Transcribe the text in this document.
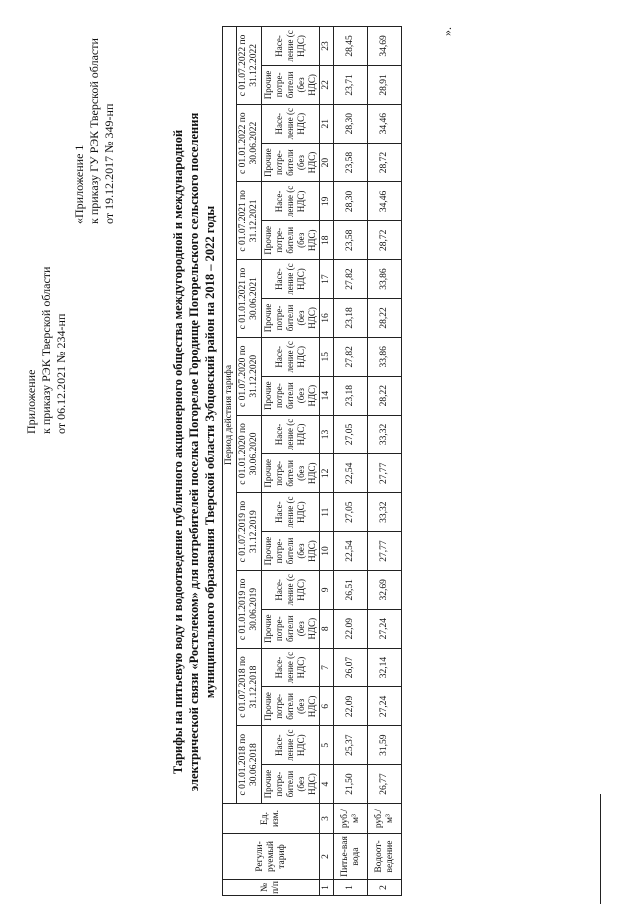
Приложение к приказу РЭК Тверской области от 06.12.2021 № 234-нп
«Приложение 1 к приказу ГУ РЭК Тверской области от 19.12.2017 № 349-нп	Тарифы на питьевую воду и водоотведение публичного акционерного общества междугородной и международной электрической связи «Ростелеком» для потребителей поселка Погорелое Городище Погорельского сельского поселения муниципального образования Тверской области Зубцовский район на 2018 – 2022 годы
№ п/п	Регули-руемый тариф	Ед. изм.	Период действия тарифа																			
			с 01.01.2018 по 30.06.2018		с 01.07.2018 по 31.12.2018		с 01.01.2019 по 30.06.2019		с 01.07.2019 по 31.12.2019		с 01.01.2020 по 30.06.2020		с 01.07.2020 по 31.12.2020		с 01.01.2021 по 30.06.2021		с 01.07.2021 по 31.12.2021		с 01.01.2022 по 30.06.2022		с 01.07.2022 по 31.12.2022	
			Прочие потре-бители (без НДС)	Насе-ление (с НДС)	Прочие потре-бители (без НДС)	Насе-ление (с НДС)	Прочие потре-бители (без НДС)	Насе-ление (с НДС)	Прочие потре-бители (без НДС)	Насе-ление (с НДС)	Прочие потре-бители (без НДС)	Насе-ление (с НДС)	Прочие потре-бители (без НДС)	Насе-ление (с НДС)	Прочие потре-бители (без НДС)	Насе-ление (с НДС)	Прочие потре-бители (без НДС)	Насе-ление (с НДС)	Прочие потре-бители (без НДС)	Насе-ление (с НДС)	Прочие потре-бители (без НДС)	Насе-ление (с НДС)
1	2	3	4	5	6	7	8	9	10	11	12	13	14	15	16	17	18	19	20	21	22	23
1	Питье-вая вода	руб./м³	21,50	25,37	22,09	26,07	22,09	26,51	22,54	27,05	22,54	27,05	23,18	27,82	23,18	27,82	23,58	28,30	23,58	28,30	23,71	28,45
2	Водоот-ведение	руб./м³	26,77	31,59	27,24	32,14	27,24	32,69	27,77	33,32	27,77	33,32	28,22	33,86	28,22	33,86	28,72	34,46	28,72	34,46	28,91	34,69
».
